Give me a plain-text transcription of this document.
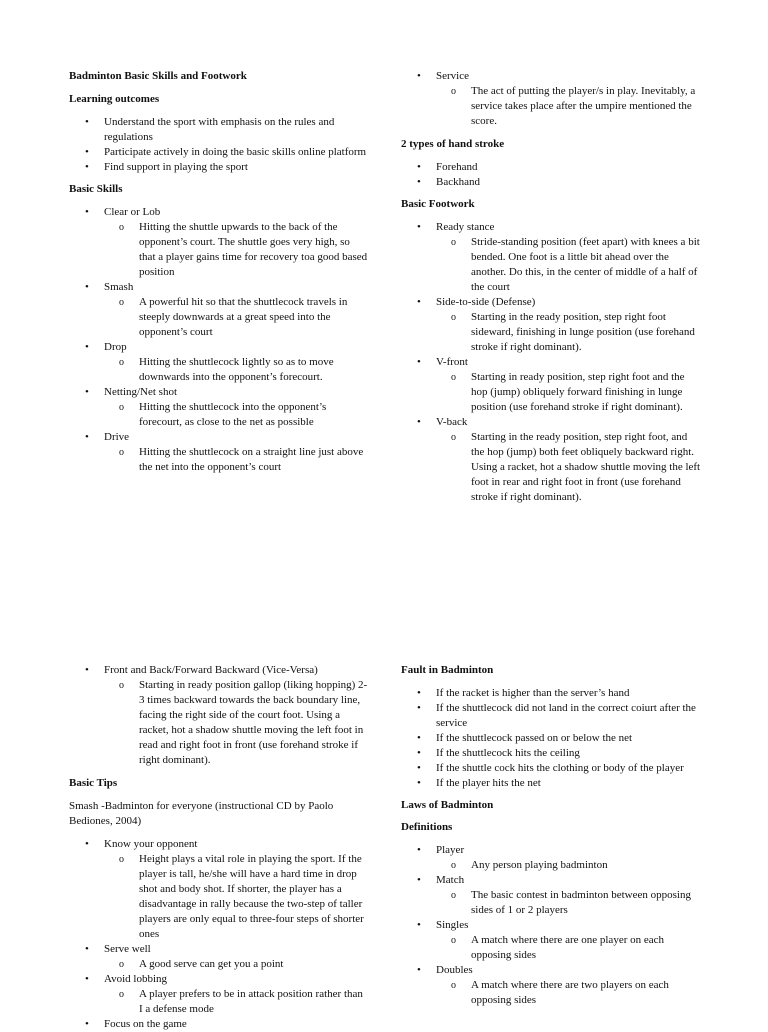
Badminton Basic Skills and Footwork

Learning outcomes

• Understand the sport with emphasis on the rules and regulations
• Participate actively in doing the basic skills online platform
• Find support in playing the sport

Basic Skills

• Clear or Lob
o Hitting the shuttle upwards to the back of the opponent’s court. The shuttle goes very high, so that a player gains time for recovery toa good based position
• Smash
o A powerful hit so that the shuttlecock travels in steeply downwards at a great speed into the opponent’s court
• Drop
o Hitting the shuttlecock lightly so as to move downwards into the opponent’s forecourt.
• Netting/Net shot
o Hitting the shuttlecock into the opponent’s forecourt, as close to the net as possible
• Drive
o Hitting the shuttlecock on a straight line just above the net into the opponent’s court
• Service
o The act of putting the player/s in play. Inevitably, a service takes place after the umpire mentioned the score.

2 types of hand stroke

• Forehand
• Backhand

Basic Footwork

• Ready stance
o Stride-standing position (feet apart) with knees a bit bended. One foot is a little bit ahead over the another. Do this, in the center of middle of a half of the court
• Side-to-side (Defense)
o Starting in the ready position, step right foot sideward, finishing in lunge position (use forehand stroke if right dominant).
• V-front
o Starting in ready position, step right foot and the hop (jump) obliquely forward finishing in lunge position (use forehand stroke if right dominant).
• V-back
o Starting in the ready position, step right foot, and the hop (jump) both feet obliquely backward right. Using a racket, hot a shadow shuttle moving the left foot in rear and right foot in front (use forehand stroke if right dominant).
• Front and Back/Forward Backward (Vice-Versa)
o Starting in ready position gallop (liking hopping) 2-3 times backward towards the back boundary line, facing the right side of the court foot. Using a racket, hot a shadow shuttle moving the left foot in read and right foot in front (use forehand stroke if right dominant).

Basic Tips

Smash -Badminton for everyone (instructional CD by Paolo Bediones, 2004)

• Know your opponent
o Height plays a vital role in playing the sport. If the player is tall, he/she will have a hard time in drop shot and body shot. If shorter, the player has a disadvantage in rally because the two-step of taller players are only equal to three-four steps of shorter ones
• Serve well
o A good serve can get you a point
• Avoid lobbing
o A player prefers to be in attack position rather than I a defense mode
• Focus on the game

Fault in Badminton

• If the racket is higher than the server’s hand
• If the shuttlecock did not land in the correct coiurt after the service
• If the shuttlecock passed on or below the net
• If the shuttlecock hits the ceiling
• If the shuttle cock hits the clothing or body of the player
• If the player hits the net

Laws of Badminton

Definitions

• Player
o Any person playing badminton
• Match
o The basic contest in badminton between opposing sides of 1 or 2 players
• Singles
o A match where there are one player on each opposing sides
• Doubles
o A match where there are two players on each opposing sides
